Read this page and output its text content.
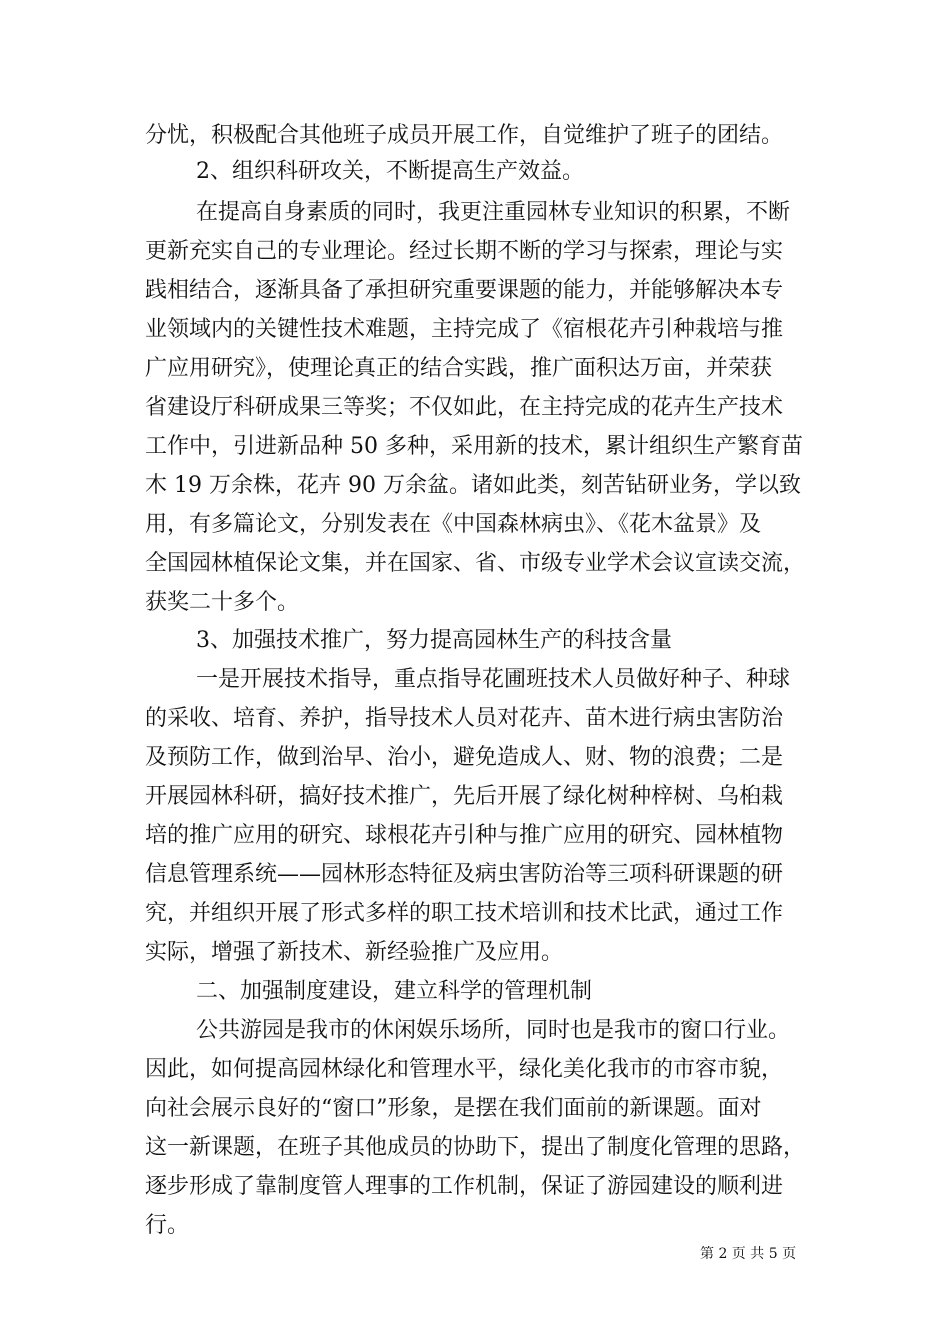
分忧，积极配合其他班子成员开展工作，自觉维护了班子的团结。
2、组织科研攻关，不断提高生产效益。
在提高自身素质的同时，我更注重园林专业知识的积累，不断
更新充实自己的专业理论。经过长期不断的学习与探索，理论与实
践相结合，逐渐具备了承担研究重要课题的能力，并能够解决本专
业领域内的关键性技术难题，主持完成了《宿根花卉引种栽培与推
广应用研究》，使理论真正的结合实践，推广面积达万亩，并荣获
省建设厅科研成果三等奖；不仅如此，在主持完成的花卉生产技术
工作中，引进新品种 50 多种，采用新的技术，累计组织生产繁育苗
木 19 万余株，花卉 90 万余盆。诸如此类，刻苦钻研业务，学以致
用，有多篇论文，分别发表在《中国森林病虫》、《花木盆景》及
全国园林植保论文集，并在国家、省、市级专业学术会议宣读交流，
获奖二十多个。
3、加强技术推广，努力提高园林生产的科技含量
一是开展技术指导，重点指导花圃班技术人员做好种子、种球
的采收、培育、养护，指导技术人员对花卉、苗木进行病虫害防治
及预防工作，做到治早、治小，避免造成人、财、物的浪费；二是
开展园林科研，搞好技术推广，先后开展了绿化树种梓树、乌桕栽
培的推广应用的研究、球根花卉引种与推广应用的研究、园林植物
信息管理系统——园林形态特征及病虫害防治等三项科研课题的研
究，并组织开展了形式多样的职工技术培训和技术比武，通过工作
实际，增强了新技术、新经验推广及应用。
二、加强制度建设，建立科学的管理机制
公共游园是我市的休闲娱乐场所，同时也是我市的窗口行业。
因此，如何提高园林绿化和管理水平，绿化美化我市的市容市貌，
向社会展示良好的“窗口”形象，是摆在我们面前的新课题。面对
这一新课题，在班子其他成员的协助下，提出了制度化管理的思路，
逐步形成了靠制度管人理事的工作机制，保证了游园建设的顺利进
行。
第 2 页 共 5 页
